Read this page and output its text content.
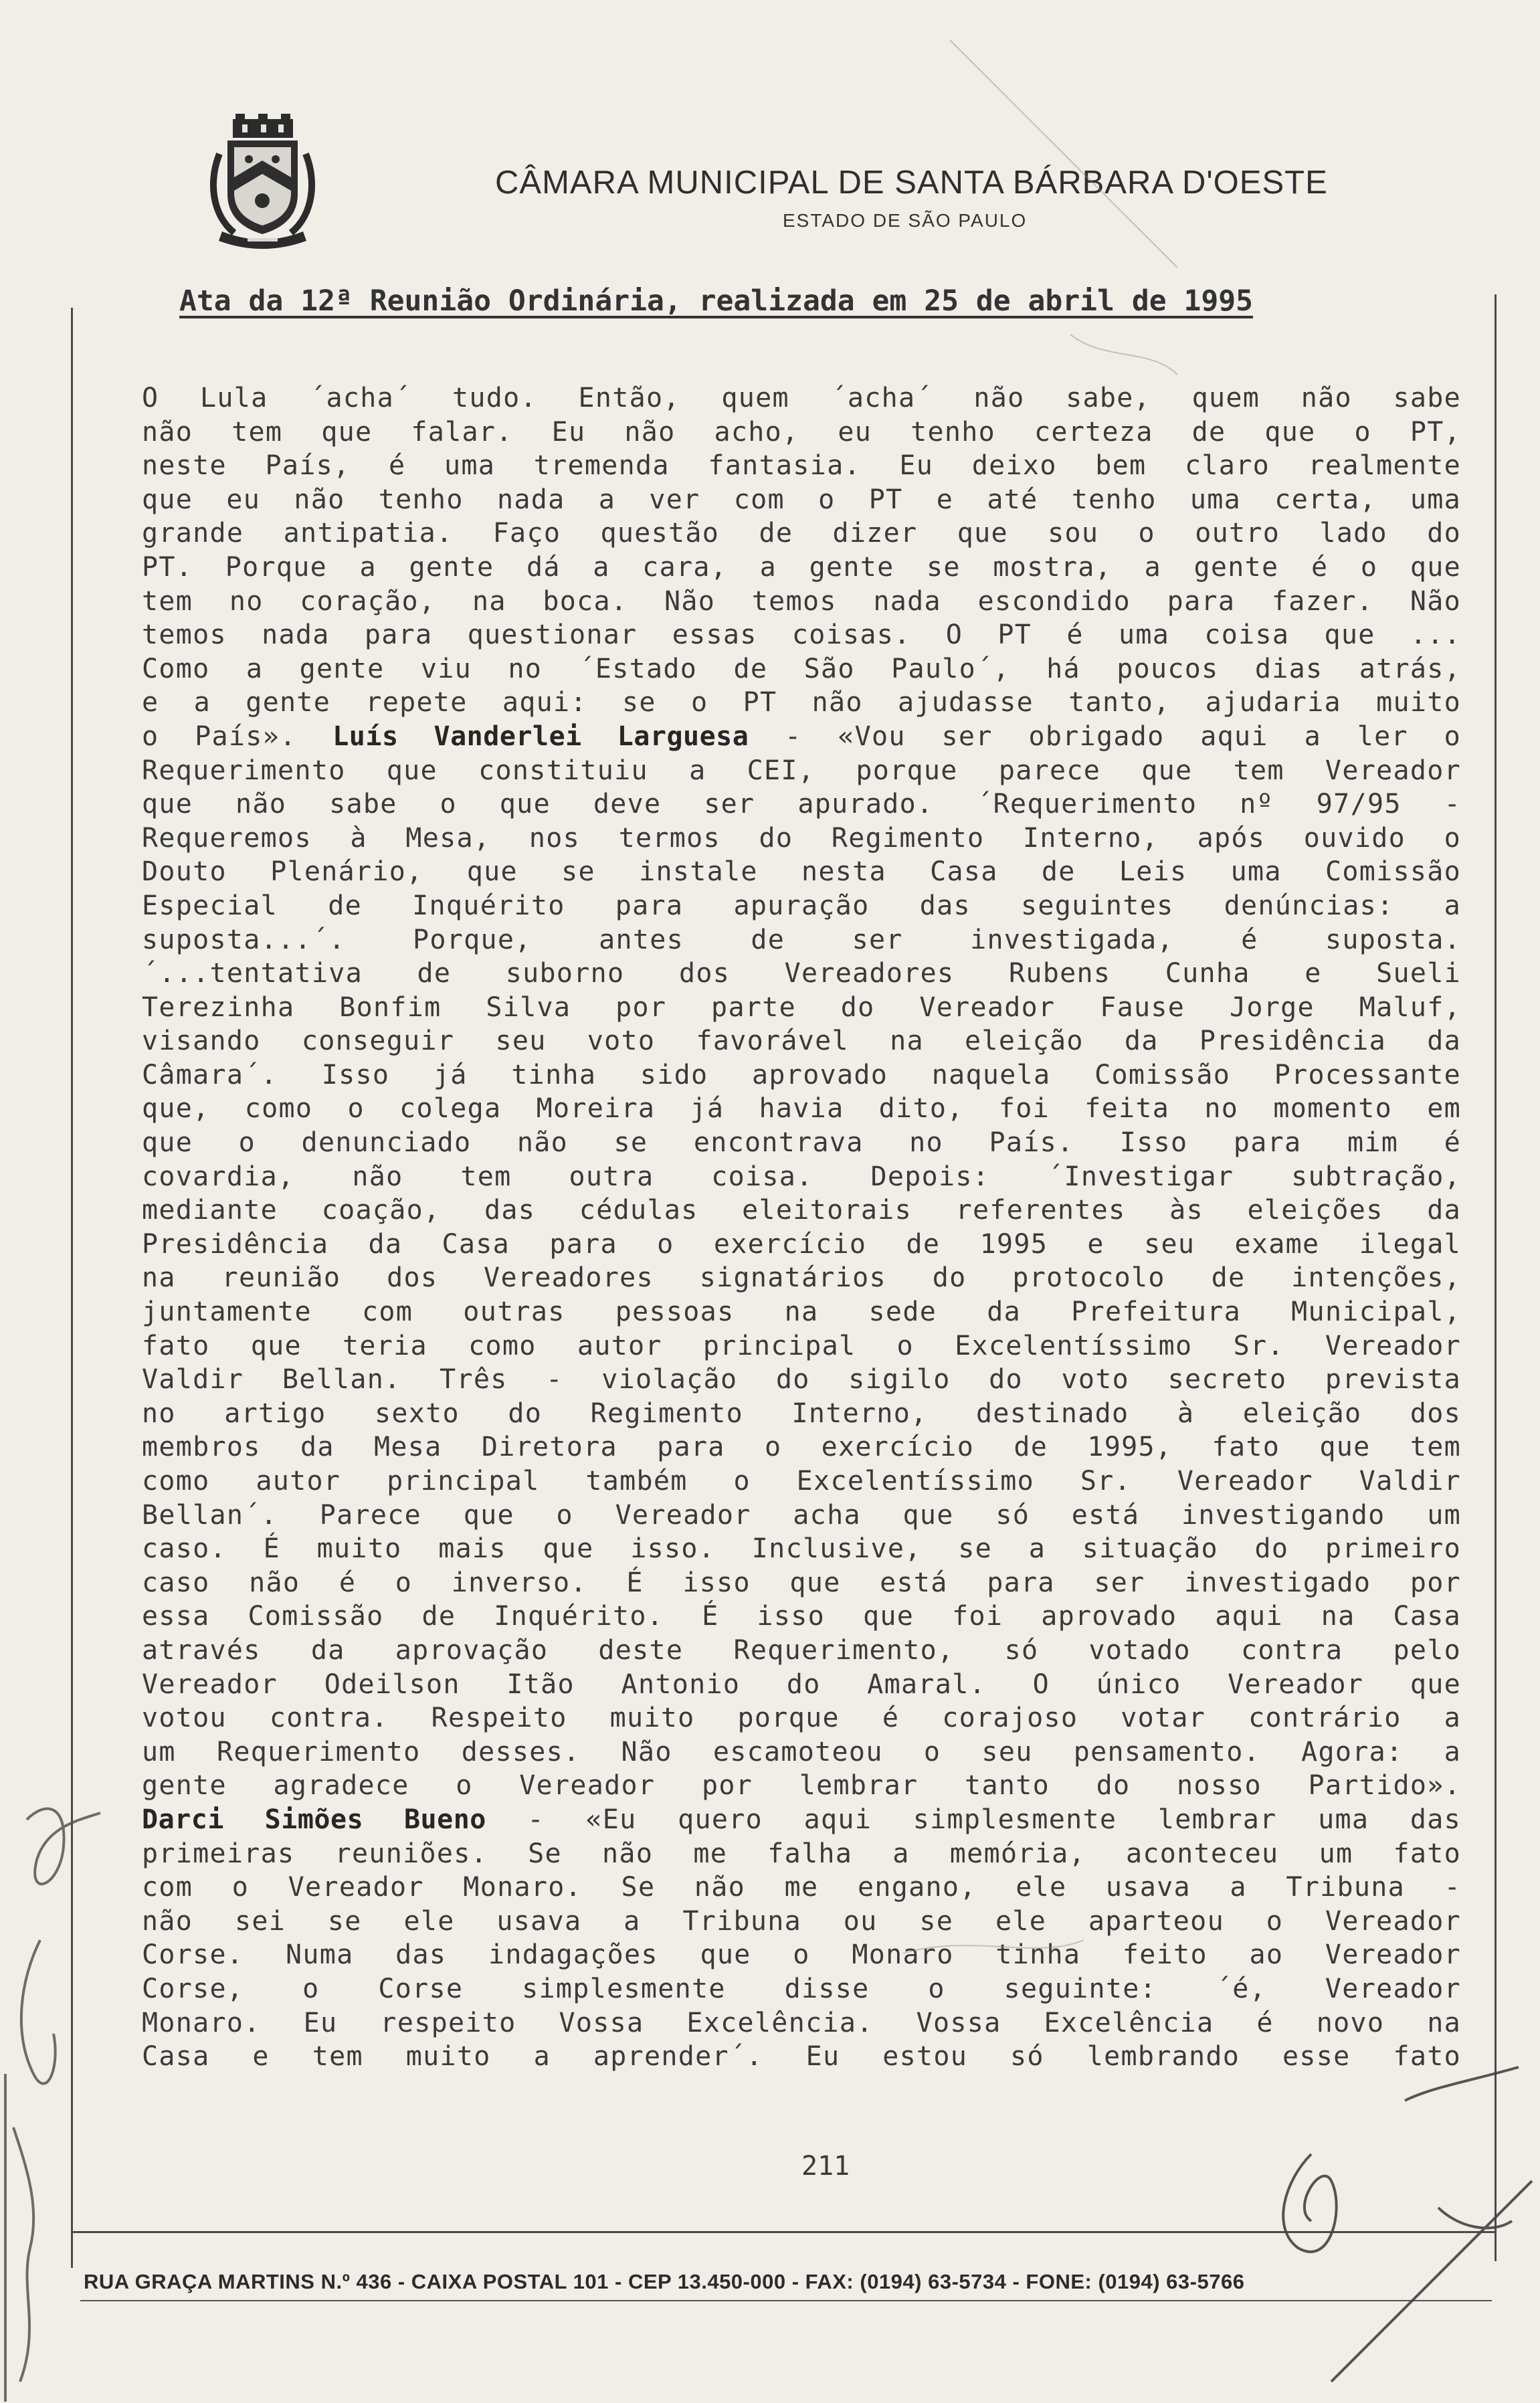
CÂMARA MUNICIPAL DE SANTA BÁRBARA D'OESTE
ESTADO DE SÃO PAULO
Ata da 12ª Reunião Ordinária, realizada em 25 de abril de 1995
O Lula ´acha´ tudo. Então, quem ´acha´ não sabe, quem não sabe
não tem que falar. Eu não acho, eu tenho certeza de que o PT,
neste País, é uma tremenda fantasia. Eu deixo bem claro realmente
que eu não tenho nada a ver com o PT e até tenho uma certa, uma
grande antipatia. Faço questão de dizer que sou o outro lado do
PT. Porque a gente dá a cara, a gente se mostra, a gente é o que
tem no coração, na boca. Não temos nada escondido para fazer. Não
temos nada para questionar essas coisas. O PT é uma coisa que ...
Como a gente viu no ´Estado de São Paulo´, há poucos dias atrás,
e a gente repete aqui: se o PT não ajudasse tanto, ajudaria muito
o País». Luís Vanderlei Larguesa - «Vou ser obrigado aqui a ler o
Requerimento que constituiu a CEI, porque parece que tem Vereador
que não sabe o que deve ser apurado. ´Requerimento nº 97/95 -
Requeremos à Mesa, nos termos do Regimento Interno, após ouvido o
Douto Plenário, que se instale nesta Casa de Leis uma Comissão
Especial de Inquérito para apuração das seguintes denúncias: a
suposta...´. Porque, antes de ser investigada, é suposta.
´...tentativa de suborno dos Vereadores Rubens Cunha e Sueli
Terezinha Bonfim Silva por parte do Vereador Fause Jorge Maluf,
visando conseguir seu voto favorável na eleição da Presidência da
Câmara´. Isso já tinha sido aprovado naquela Comissão Processante
que, como o colega Moreira já havia dito, foi feita no momento em
que o denunciado não se encontrava no País. Isso para mim é
covardia, não tem outra coisa. Depois: ´Investigar subtração,
mediante coação, das cédulas eleitorais referentes às eleições da
Presidência da Casa para o exercício de 1995 e seu exame ilegal
na reunião dos Vereadores signatários do protocolo de intenções,
juntamente com outras pessoas na sede da Prefeitura Municipal,
fato que teria como autor principal o Excelentíssimo Sr. Vereador
Valdir Bellan. Três - violação do sigilo do voto secreto prevista
no artigo sexto do Regimento Interno, destinado à eleição dos
membros da Mesa Diretora para o exercício de 1995, fato que tem
como autor principal também o Excelentíssimo Sr. Vereador Valdir
Bellan´. Parece que o Vereador acha que só está investigando um
caso. É muito mais que isso. Inclusive, se a situação do primeiro
caso não é o inverso. É isso que está para ser investigado por
essa Comissão de Inquérito. É isso que foi aprovado aqui na Casa
através da aprovação deste Requerimento, só votado contra pelo
Vereador Odeilson Itão Antonio do Amaral. O único Vereador que
votou contra. Respeito muito porque é corajoso votar contrário a
um Requerimento desses. Não escamoteou o seu pensamento. Agora: a
gente agradece o Vereador por lembrar tanto do nosso Partido».
Darci Simões Bueno - «Eu quero aqui simplesmente lembrar uma das
primeiras reuniões. Se não me falha a memória, aconteceu um fato
com o Vereador Monaro. Se não me engano, ele usava a Tribuna -
não sei se ele usava a Tribuna ou se ele aparteou o Vereador
Corse. Numa das indagações que o Monaro tinha feito ao Vereador
Corse, o Corse simplesmente disse o seguinte: ´é, Vereador
Monaro. Eu respeito Vossa Excelência. Vossa Excelência é novo na
Casa e tem muito a aprender´. Eu estou só lembrando esse fato
211
RUA GRAÇA MARTINS N.º 436 - CAIXA POSTAL 101 - CEP 13.450-000 - FAX: (0194) 63-5734 - FONE: (0194) 63-5766
